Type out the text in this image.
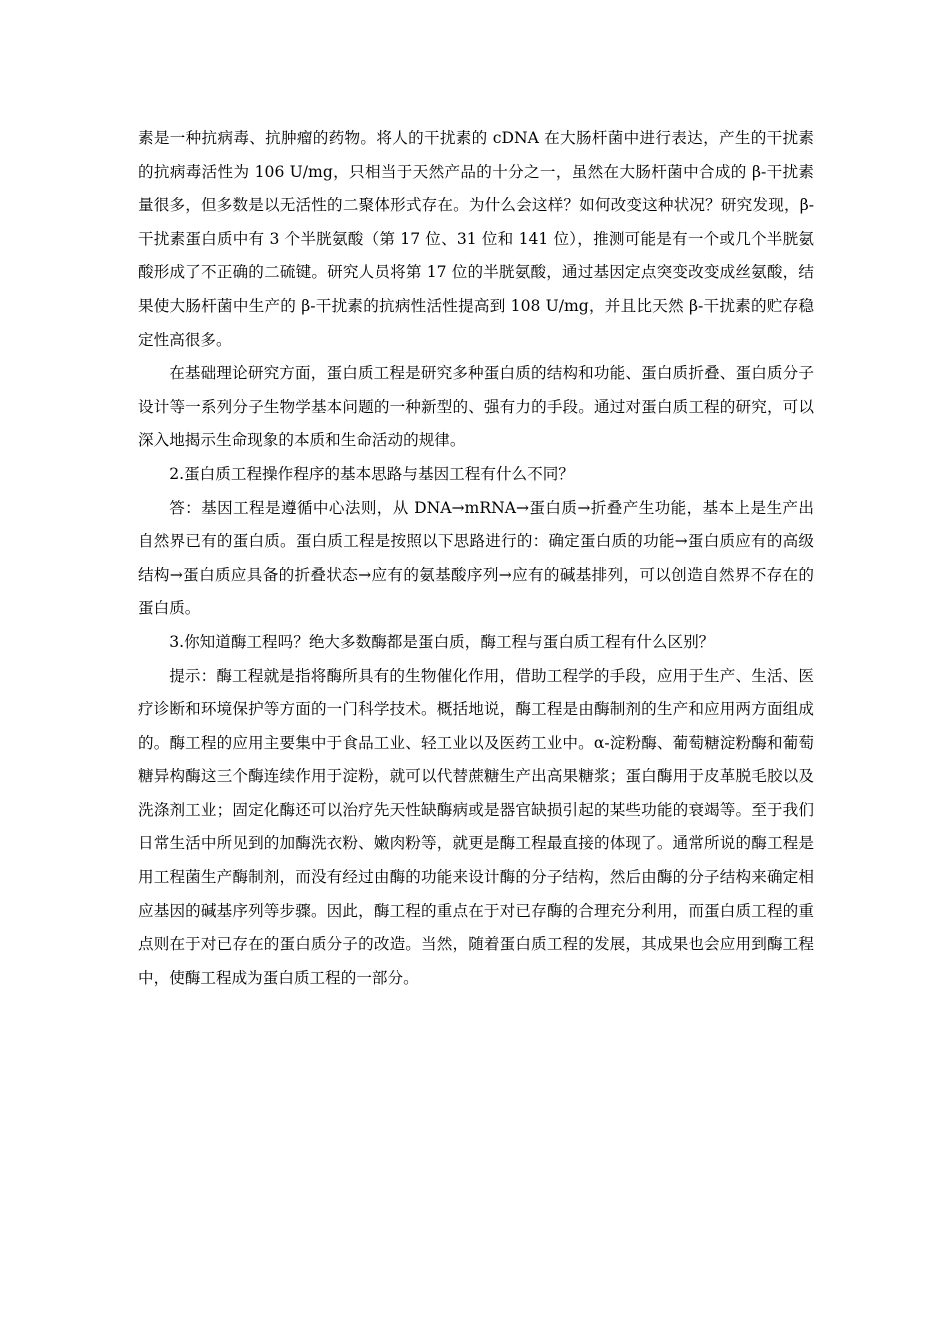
素是一种抗病毒、抗肿瘤的药物。将人的干扰素的 cDNA 在大肠杆菌中进行表达，产生的干扰素的抗病毒活性为 106 U/mg，只相当于天然产品的十分之一，虽然在大肠杆菌中合成的 β-干扰素量很多，但多数是以无活性的二聚体形式存在。为什么会这样？如何改变这种状况？研究发现，β-干扰素蛋白质中有 3 个半胱氨酸（第 17 位、31 位和 141 位），推测可能是有一个或几个半胱氨酸形成了不正确的二硫键。研究人员将第 17 位的半胱氨酸，通过基因定点突变改变成丝氨酸，结果使大肠杆菌中生产的 β-干扰素的抗病性活性提高到 108 U/mg，并且比天然 β-干扰素的贮存稳定性高很多。

在基础理论研究方面，蛋白质工程是研究多种蛋白质的结构和功能、蛋白质折叠、蛋白质分子设计等一系列分子生物学基本问题的一种新型的、强有力的手段。通过对蛋白质工程的研究，可以深入地揭示生命现象的本质和生命活动的规律。

2.蛋白质工程操作程序的基本思路与基因工程有什么不同？

答：基因工程是遵循中心法则，从 DNA→mRNA→蛋白质→折叠产生功能，基本上是生产出自然界已有的蛋白质。蛋白质工程是按照以下思路进行的：确定蛋白质的功能→蛋白质应有的高级结构→蛋白质应具备的折叠状态→应有的氨基酸序列→应有的碱基排列，可以创造自然界不存在的蛋白质。

3.你知道酶工程吗？绝大多数酶都是蛋白质，酶工程与蛋白质工程有什么区别？

提示：酶工程就是指将酶所具有的生物催化作用，借助工程学的手段，应用于生产、生活、医疗诊断和环境保护等方面的一门科学技术。概括地说，酶工程是由酶制剂的生产和应用两方面组成的。酶工程的应用主要集中于食品工业、轻工业以及医药工业中。α-淀粉酶、葡萄糖淀粉酶和葡萄糖异构酶这三个酶连续作用于淀粉，就可以代替蔗糖生产出高果糖浆；蛋白酶用于皮革脱毛胶以及洗涤剂工业；固定化酶还可以治疗先天性缺酶病或是器官缺损引起的某些功能的衰竭等。至于我们日常生活中所见到的加酶洗衣粉、嫩肉粉等，就更是酶工程最直接的体现了。通常所说的酶工程是用工程菌生产酶制剂，而没有经过由酶的功能来设计酶的分子结构，然后由酶的分子结构来确定相应基因的碱基序列等步骤。因此，酶工程的重点在于对已存酶的合理充分利用，而蛋白质工程的重点则在于对已存在的蛋白质分子的改造。当然，随着蛋白质工程的发展，其成果也会应用到酶工程中，使酶工程成为蛋白质工程的一部分。
